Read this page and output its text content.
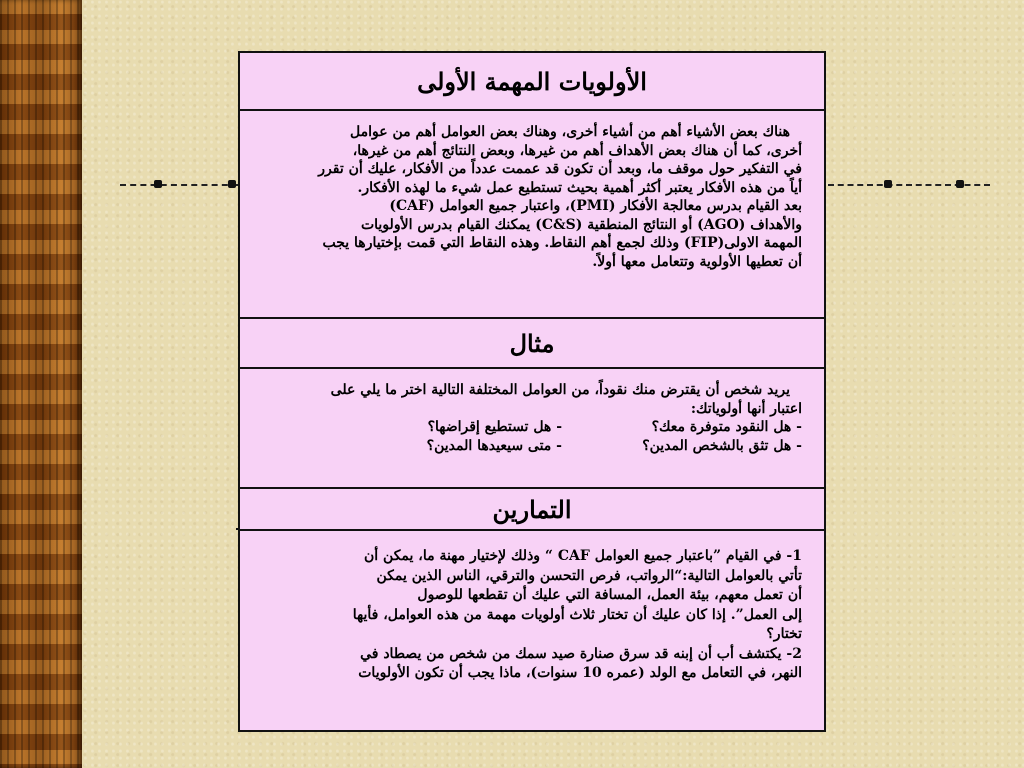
الأولويات المهمة الأولى
هناك بعض الأشياء أهم من أشياء أخرى، وهناك بعض العوامل أهم من عوامل
أخرى، كما أن هناك بعض الأهداف أهم من غيرها، وبعض النتائج أهم من غيرها،
في التفكير حول موقف ما، وبعد أن تكون قد عممت عدداً من الأفكار، عليك أن تقرر
أياً من هذه الأفكار يعتبر أكثر أهمية بحيث تستطيع عمل شيء ما لهذه الأفكار.
بعد القيام بدرس معالجة الأفكار (PMI)، واعتبار جميع العوامل (CAF)
والأهداف (AGO) أو النتائج المنطقية (C&S) يمكنك القيام بدرس الأولويات
المهمة الاولى(FIP) وذلك لجمع أهم النقاط. وهذه النقاط التي قمت بإختيارها يجب
أن تعطيها الأولوية وتتعامل معها أولاً.
مثال
يريد شخص أن يقترض منك نقوداً، من العوامل المختلفة التالية اختر ما يلي على
اعتبار أنها أولوياتك:
- هل النقود متوفرة معك؟
- هل تستطيع إقراضها؟
- هل تثق بالشخص المدين؟
- متى سيعيدها المدين؟
التمارين
1- في القيام ”باعتبار جميع العوامل CAF “ وذلك لإختيار مهنة ما، يمكن أن
تأتي بالعوامل التالية:“الرواتب، فرص التحسن والترقي، الناس الذين يمكن
أن تعمل معهم، بيئة العمل، المسافة التي عليك أن تقطعها للوصول
إلى العمل”. إذا كان عليك أن تختار ثلاث أولويات مهمة من هذه العوامل، فأيها
تختار؟
2- يكتشف أب أن إبنه قد سرق صنارة صيد سمك من شخص من يصطاد في
النهر، في التعامل مع الولد (عمره 10 سنوات)، ماذا يجب أن تكون الأولويات
